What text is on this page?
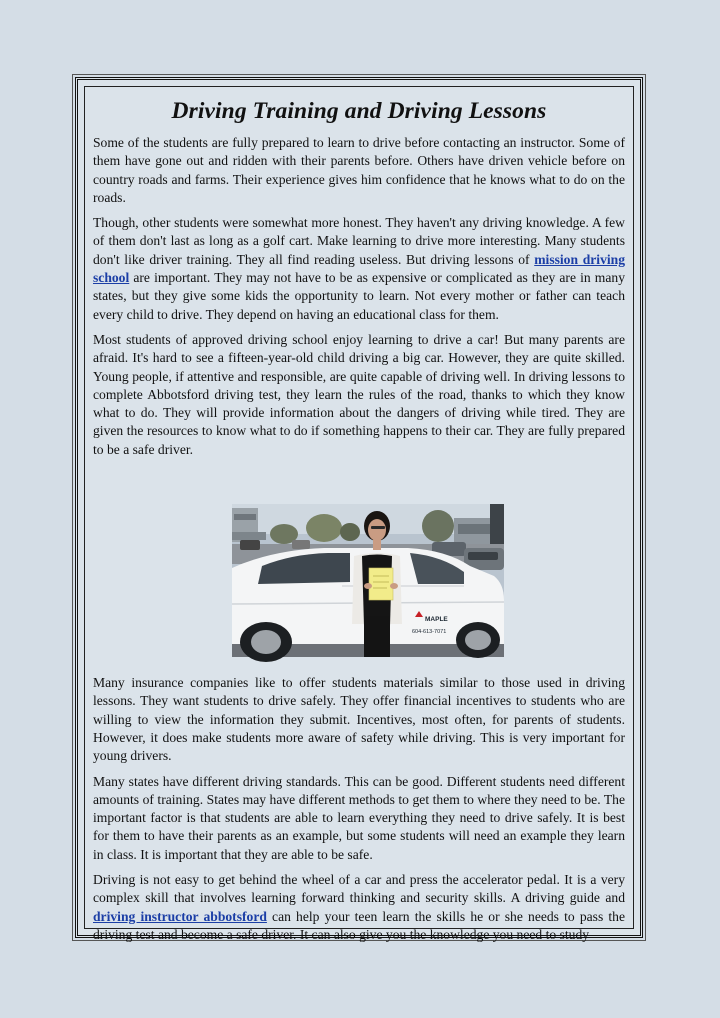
Driving Training and Driving Lessons

Some of the students are fully prepared to learn to drive before contacting an instructor. Some of them have gone out and ridden with their parents before. Others have driven vehicle before on country roads and farms. Their experience gives him confidence that he knows what to do on the roads.

Though, other students were somewhat more honest. They haven't any driving knowledge. A few of them don't last as long as a golf cart. Make learning to drive more interesting. Many students don't like driver training. They all find reading useless. But driving lessons of mission driving school are important. They may not have to be as expensive or complicated as they are in many states, but they give some kids the opportunity to learn. Not every mother or father can teach every child to drive. They depend on having an educational class for them.

Most students of approved driving school enjoy learning to drive a car! But many parents are afraid. It's hard to see a fifteen-year-old child driving a big car. However, they are quite skilled. Young people, if attentive and responsible, are quite capable of driving well. In driving lessons to complete Abbotsford driving test, they learn the rules of the road, thanks to which they know what to do. They will provide information about the dangers of driving while tired. They are given the resources to know what to do if something happens to their car. They are fully prepared to be a safe driver.

MAPLE
604-613-7071

Many insurance companies like to offer students materials similar to those used in driving lessons. They want students to drive safely. They offer financial incentives to students who are willing to view the information they submit. Incentives, most often, for parents of students. However, it does make students more aware of safety while driving. This is very important for young drivers.

Many states have different driving standards. This can be good. Different students need different amounts of training. States may have different methods to get them to where they need to be. The important factor is that students are able to learn everything they need to drive safely. It is best for them to have their parents as an example, but some students will need an example they learn in class. It is important that they are able to be safe.

Driving is not easy to get behind the wheel of a car and press the accelerator pedal. It is a very complex skill that involves learning forward thinking and security skills. A driving guide and driving instructor abbotsford can help your teen learn the skills he or she needs to pass the driving test and become a safe driver. It can also give you the knowledge you need to study
